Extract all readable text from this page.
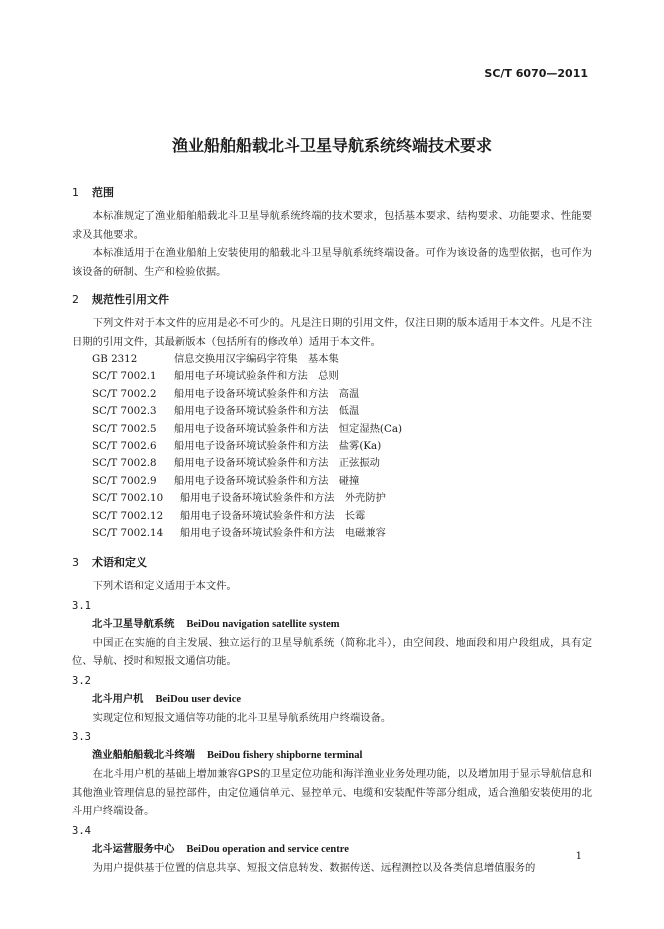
SC/T 6070—2011
渔业船舶船载北斗卫星导航系统终端技术要求
1 范围
本标准规定了渔业船舶船载北斗卫星导航系统终端的技术要求，包括基本要求、结构要求、功能要求、性能要求及其他要求。
本标准适用于在渔业船舶上安装使用的船载北斗卫星导航系统终端设备。可作为该设备的选型依据，也可作为该设备的研制、生产和检验依据。
2 规范性引用文件
下列文件对于本文件的应用是必不可少的。凡是注日期的引用文件，仅注日期的版本适用于本文件。凡是不注日期的引用文件，其最新版本（包括所有的修改单）适用于本文件。
GB 2312	信息交换用汉字编码字符集　基本集
SC/T 7002.1 船用电子环境试验条件和方法　总则
SC/T 7002.2 船用电子设备环境试验条件和方法　高温
SC/T 7002.3 船用电子设备环境试验条件和方法　低温
SC/T 7002.5 船用电子设备环境试验条件和方法　恒定湿热(Ca)
SC/T 7002.6 船用电子设备环境试验条件和方法　盐雾(Ka)
SC/T 7002.8 船用电子设备环境试验条件和方法　正弦振动
SC/T 7002.9 船用电子设备环境试验条件和方法　碰撞
SC/T 7002.10 船用电子设备环境试验条件和方法　外壳防护
SC/T 7002.12 船用电子设备环境试验条件和方法　长霉
SC/T 7002.14 船用电子设备环境试验条件和方法　电磁兼容
3 术语和定义
下列术语和定义适用于本文件。
3.1
北斗卫星导航系统 BeiDou navigation satellite system
中国正在实施的自主发展、独立运行的卫星导航系统（简称北斗），由空间段、地面段和用户段组成，具有定位、导航、授时和短报文通信功能。
3.2
北斗用户机 BeiDou user device
实现定位和短报文通信等功能的北斗卫星导航系统用户终端设备。
3.3
渔业船舶船载北斗终端 BeiDou fishery shipborne terminal
在北斗用户机的基础上增加兼容GPS的卫星定位功能和海洋渔业业务处理功能，以及增加用于显示导航信息和其他渔业管理信息的显控部件，由定位通信单元、显控单元、电缆和安装配件等部分组成，适合渔船安装使用的北斗用户终端设备。
3.4
北斗运营服务中心 BeiDou operation and service centre
为用户提供基于位置的信息共享、短报文信息转发、数据传送、远程测控以及各类信息增值服务的
1
